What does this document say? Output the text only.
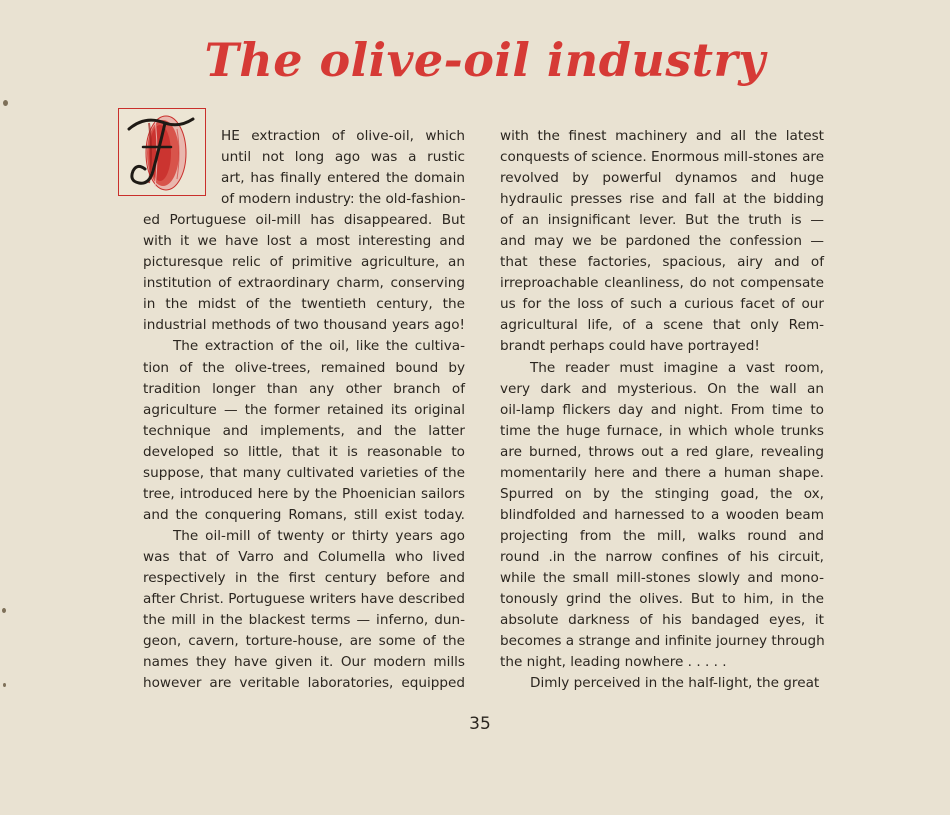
The olive-oil industry
HE extraction of olive-oil, which
until not long ago was a rustic
art, has finally entered the domain
of modern industry: the old-fashion-
ed Portuguese oil-mill has disappeared. But
with it we have lost a most interesting and
picturesque relic of primitive agriculture, an
institution of extraordinary charm, conserving
in the midst of the twentieth century, the
industrial methods of two thousand years ago!
The extraction of the oil, like the cultiva-
tion of the olive-trees, remained bound by
tradition longer than any other branch of
agriculture — the former retained its original
technique and implements, and the latter
developed so little, that it is reasonable to
suppose, that many cultivated varieties of the
tree, introduced here by the Phoenician sailors
and the conquering Romans, still exist today.
The oil-mill of twenty or thirty years ago
was that of Varro and Columella who lived
respectively in the first century before and
after Christ. Portuguese writers have described
the mill in the blackest terms — inferno, dun-
geon, cavern, torture-house, are some of the
names they have given it. Our modern mills
however are veritable laboratories, equipped
with the finest machinery and all the latest
conquests of science. Enormous mill-stones are
revolved by powerful dynamos and huge
hydraulic presses rise and fall at the bidding
of an insignificant lever. But the truth is —
and may we be pardoned the confession —
that these factories, spacious, airy and of
irreproachable cleanliness, do not compensate
us for the loss of such a curious facet of our
agricultural life, of a scene that only Rem-
brandt perhaps could have portrayed!
The reader must imagine a vast room,
very dark and mysterious. On the wall an
oil-lamp flickers day and night. From time to
time the huge furnace, in which whole trunks
are burned, throws out a red glare, revealing
momentarily here and there a human shape.
Spurred on by the stinging goad, the ox,
blindfolded and harnessed to a wooden beam
projecting from the mill, walks round and
round .in the narrow confines of his circuit,
while the small mill-stones slowly and mono-
tonously grind the olives. But to him, in the
absolute darkness of his bandaged eyes, it
becomes a strange and infinite journey through
the night, leading nowhere . . . . .
Dimly perceived in the half-light, the great
35
